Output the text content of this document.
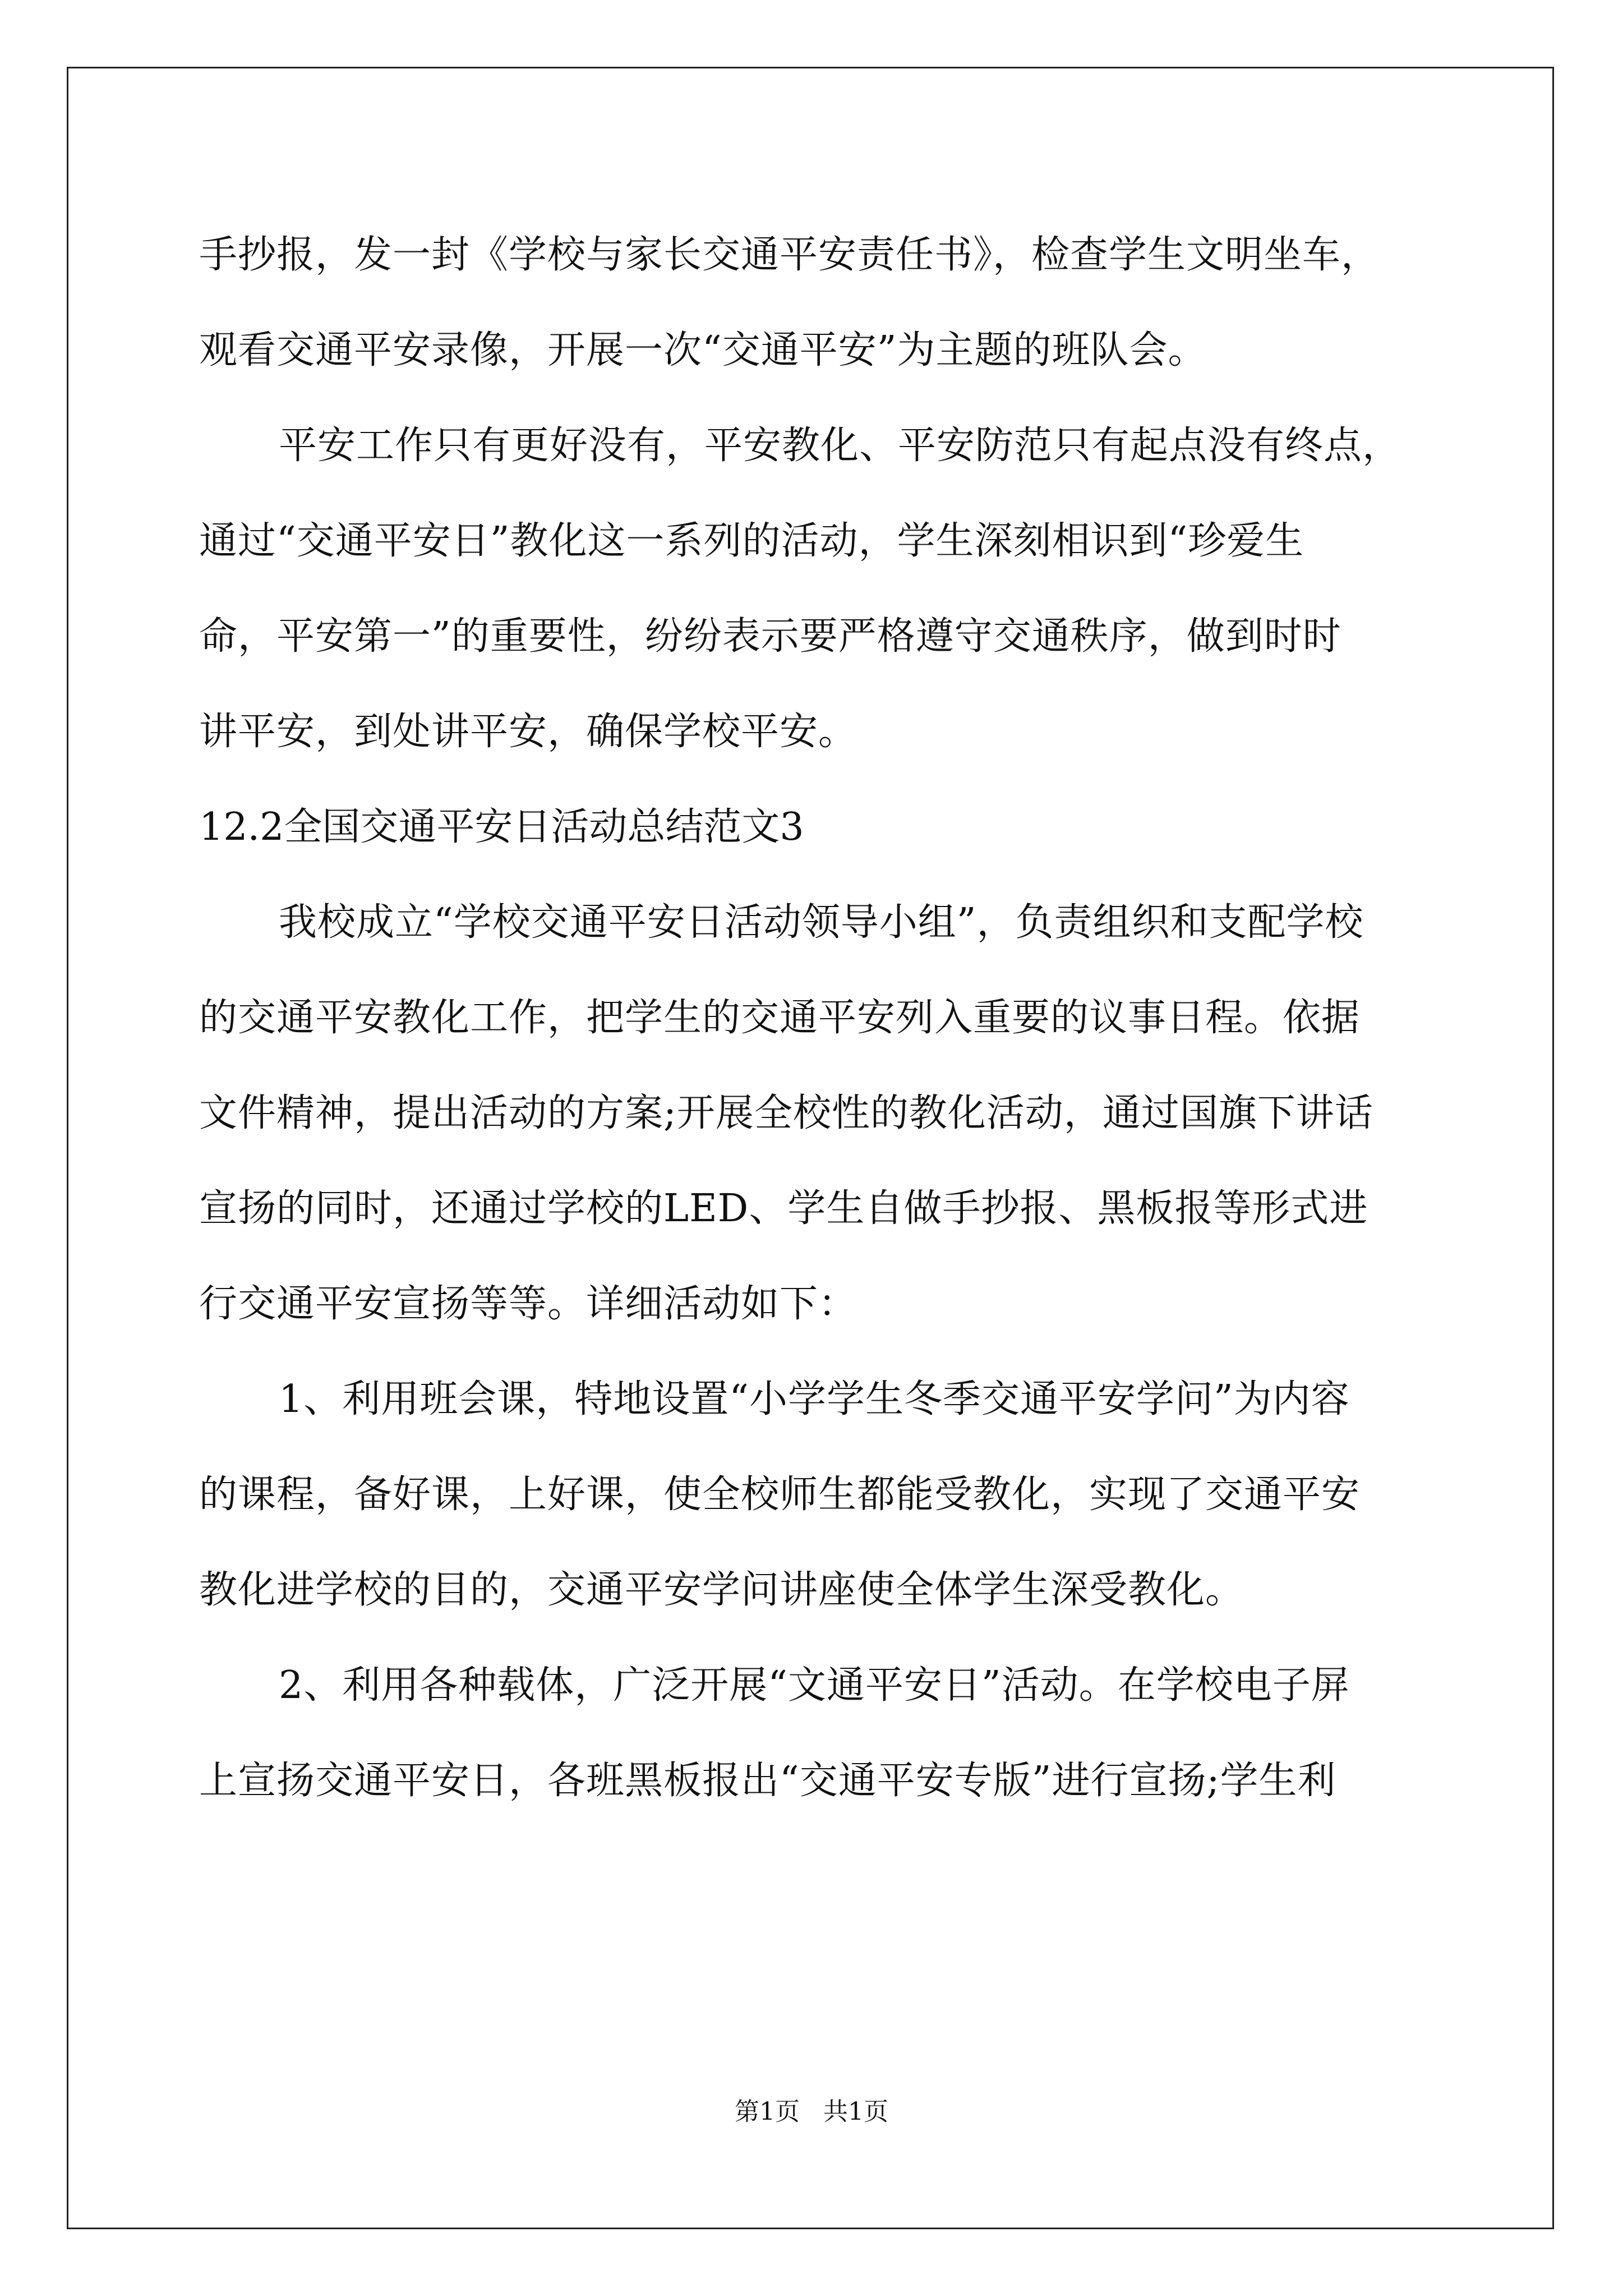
手抄报，发一封《学校与家长交通平安责任书》，检查学生文明坐车，
观看交通平安录像，开展一次“交通平安”为主题的班队会。
平安工作只有更好没有，平安教化、平安防范只有起点没有终点，
通过“交通平安日”教化这一系列的活动，学生深刻相识到“珍爱生
命，平安第一”的重要性，纷纷表示要严格遵守交通秩序，做到时时
讲平安，到处讲平安，确保学校平安。
12.2全国交通平安日活动总结范文3
我校成立“学校交通平安日活动领导小组”，负责组织和支配学校
的交通平安教化工作，把学生的交通平安列入重要的议事日程。依据
文件精神，提出活动的方案;开展全校性的教化活动，通过国旗下讲话
宣扬的同时，还通过学校的LED、学生自做手抄报、黑板报等形式进
行交通平安宣扬等等。详细活动如下：
1、利用班会课，特地设置“小学学生冬季交通平安学问”为内容
的课程，备好课，上好课，使全校师生都能受教化，实现了交通平安
教化进学校的目的，交通平安学问讲座使全体学生深受教化。
2、利用各种载体，广泛开展“文通平安日”活动。在学校电子屏
上宣扬交通平安日，各班黑板报出“交通平安专版”进行宣扬;学生利
第1页   共1页
